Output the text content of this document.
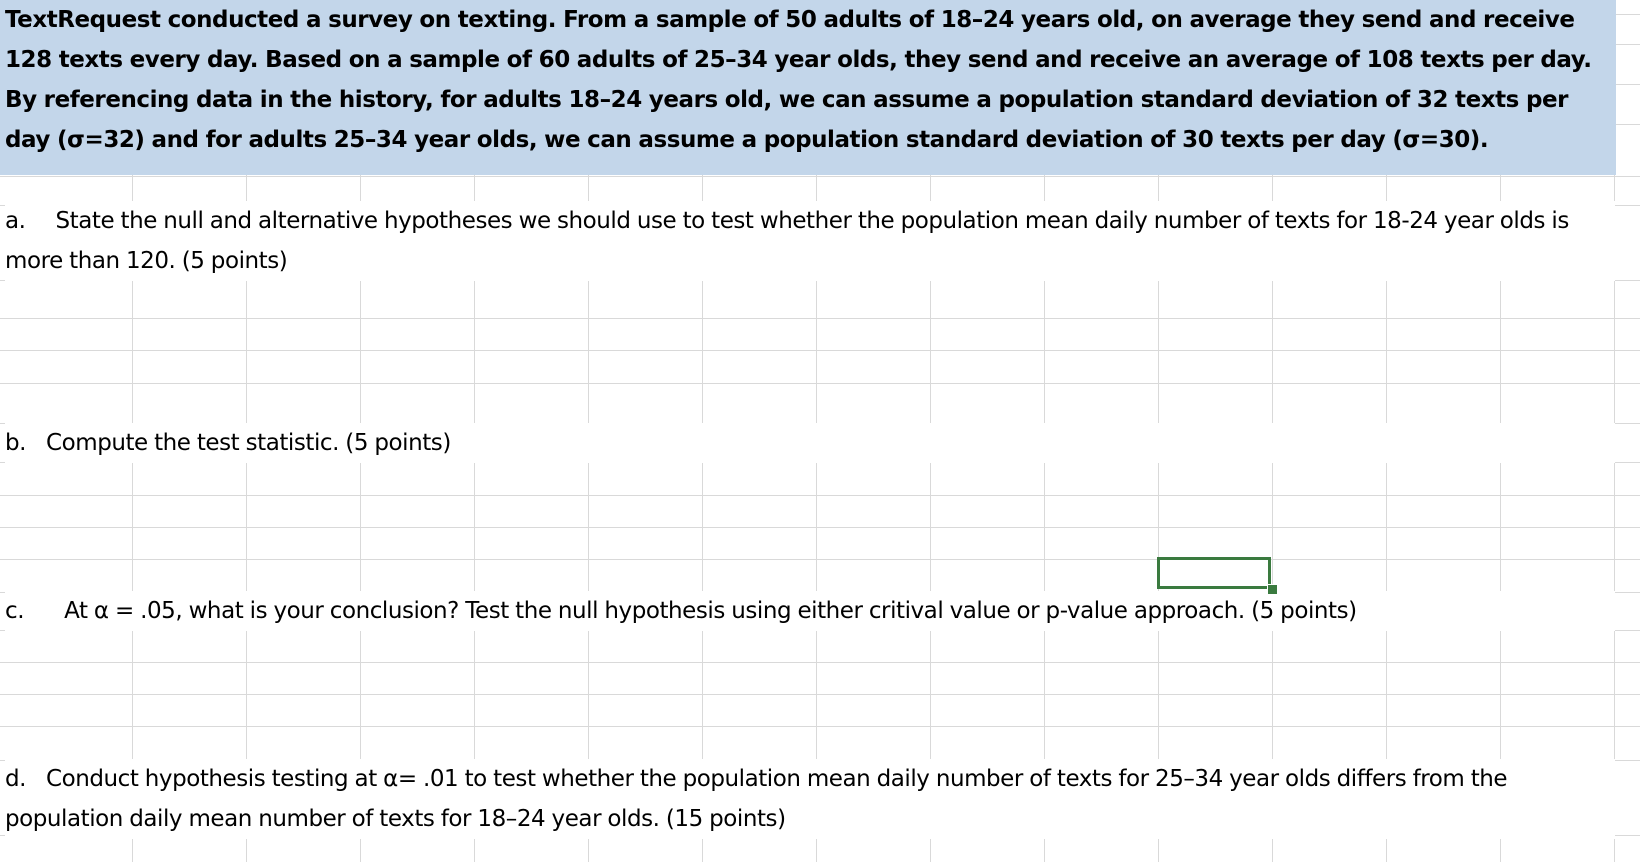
TextRequest conducted a survey on texting. From a sample of 50 adults of 18–24 years old, on average they send and receive 128 texts every day. Based on a sample of 60 adults of 25–34 year olds, they send and receive an average of 108 texts per day. By referencing data in the history, for adults 18–24 years old, we can assume a population standard deviation of 32 texts per day (σ=32) and for adults 25–34 year olds, we can assume a population standard deviation of 30 texts per day (σ=30).
a. State the null and alternative hypotheses we should use to test whether the population mean daily number of texts for 18-24 year olds is more than 120. (5 points)
b. Compute the test statistic. (5 points)
c. At α = .05, what is your conclusion? Test the null hypothesis using either critival value or p-value approach. (5 points)
d. Conduct hypothesis testing at α= .01 to test whether the population mean daily number of texts for 25–34 year olds differs from the population daily mean number of texts for 18–24 year olds. (15 points)
